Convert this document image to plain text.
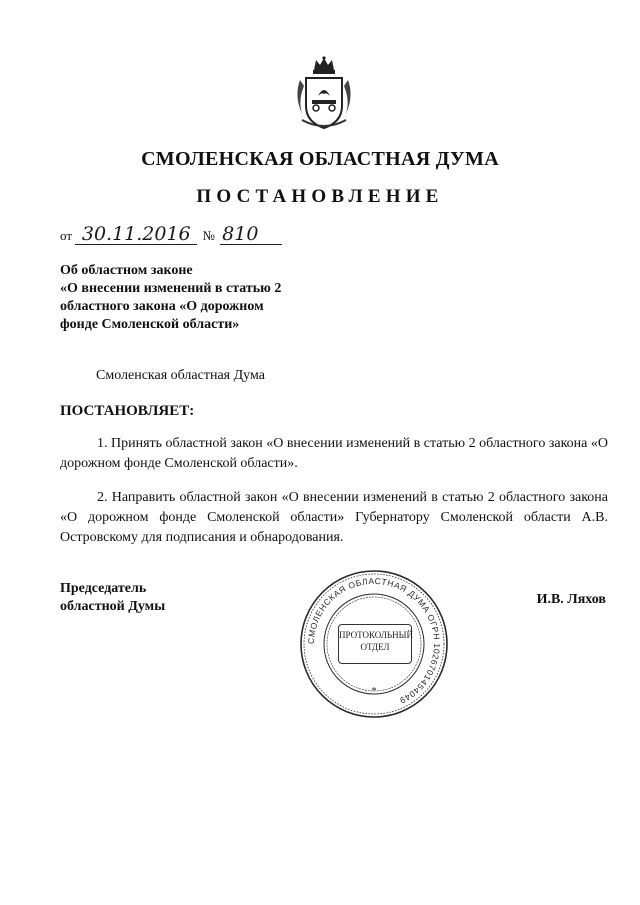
СМОЛЕНСКАЯ ОБЛАСТНАЯ ДУМА
ПОСТАНОВЛЕНИЕ
от 30.11.2016 № 810
Об областном законе
«О внесении изменений в статью 2
областного закона «О дорожном
фонде Смоленской области»
Смоленская областная Дума
ПОСТАНОВЛЯЕТ:
1. Принять областной закон «О внесении изменений в статью 2 областного закона «О дорожном фонде Смоленской области».
2. Направить областной закон «О внесении изменений в статью 2 областного закона «О дорожном фонде Смоленской области» Губернатору Смоленской области А.В. Островскому для подписания и обнародования.
Председатель
областной Думы
СМОЛЕНСКАЯ ОБЛАСТНАЯ ДУМА ОГРН 1026701454049
*
ПРОТОКОЛЬНЫЙ
ОТДЕЛ
И.В. Ляхов
